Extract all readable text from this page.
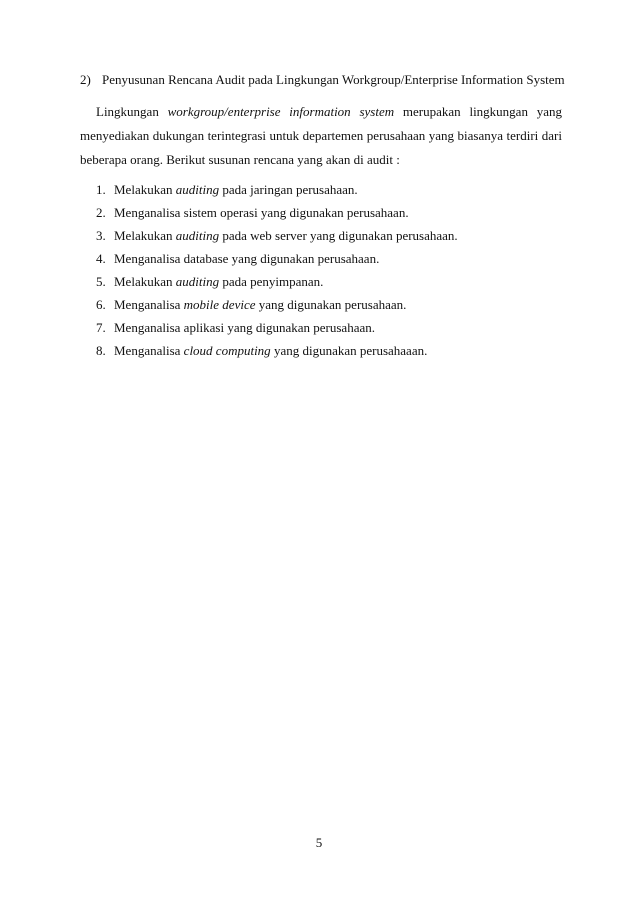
2) Penyusunan Rencana Audit pada Lingkungan Workgroup/Enterprise Information System

Lingkungan workgroup/enterprise information system merupakan lingkungan yang menyediakan dukungan terintegrasi untuk departemen perusahaan yang biasanya terdiri dari beberapa orang. Berikut susunan rencana yang akan di audit :

1. Melakukan auditing pada jaringan perusahaan.
2. Menganalisa sistem operasi yang digunakan perusahaan.
3. Melakukan auditing pada web server yang digunakan perusahaan.
4. Menganalisa database yang digunakan perusahaan.
5. Melakukan auditing pada penyimpanan.
6. Menganalisa mobile device yang digunakan perusahaan.
7. Menganalisa aplikasi yang digunakan perusahaan.
8. Menganalisa cloud computing yang digunakan perusahaaan.
5
